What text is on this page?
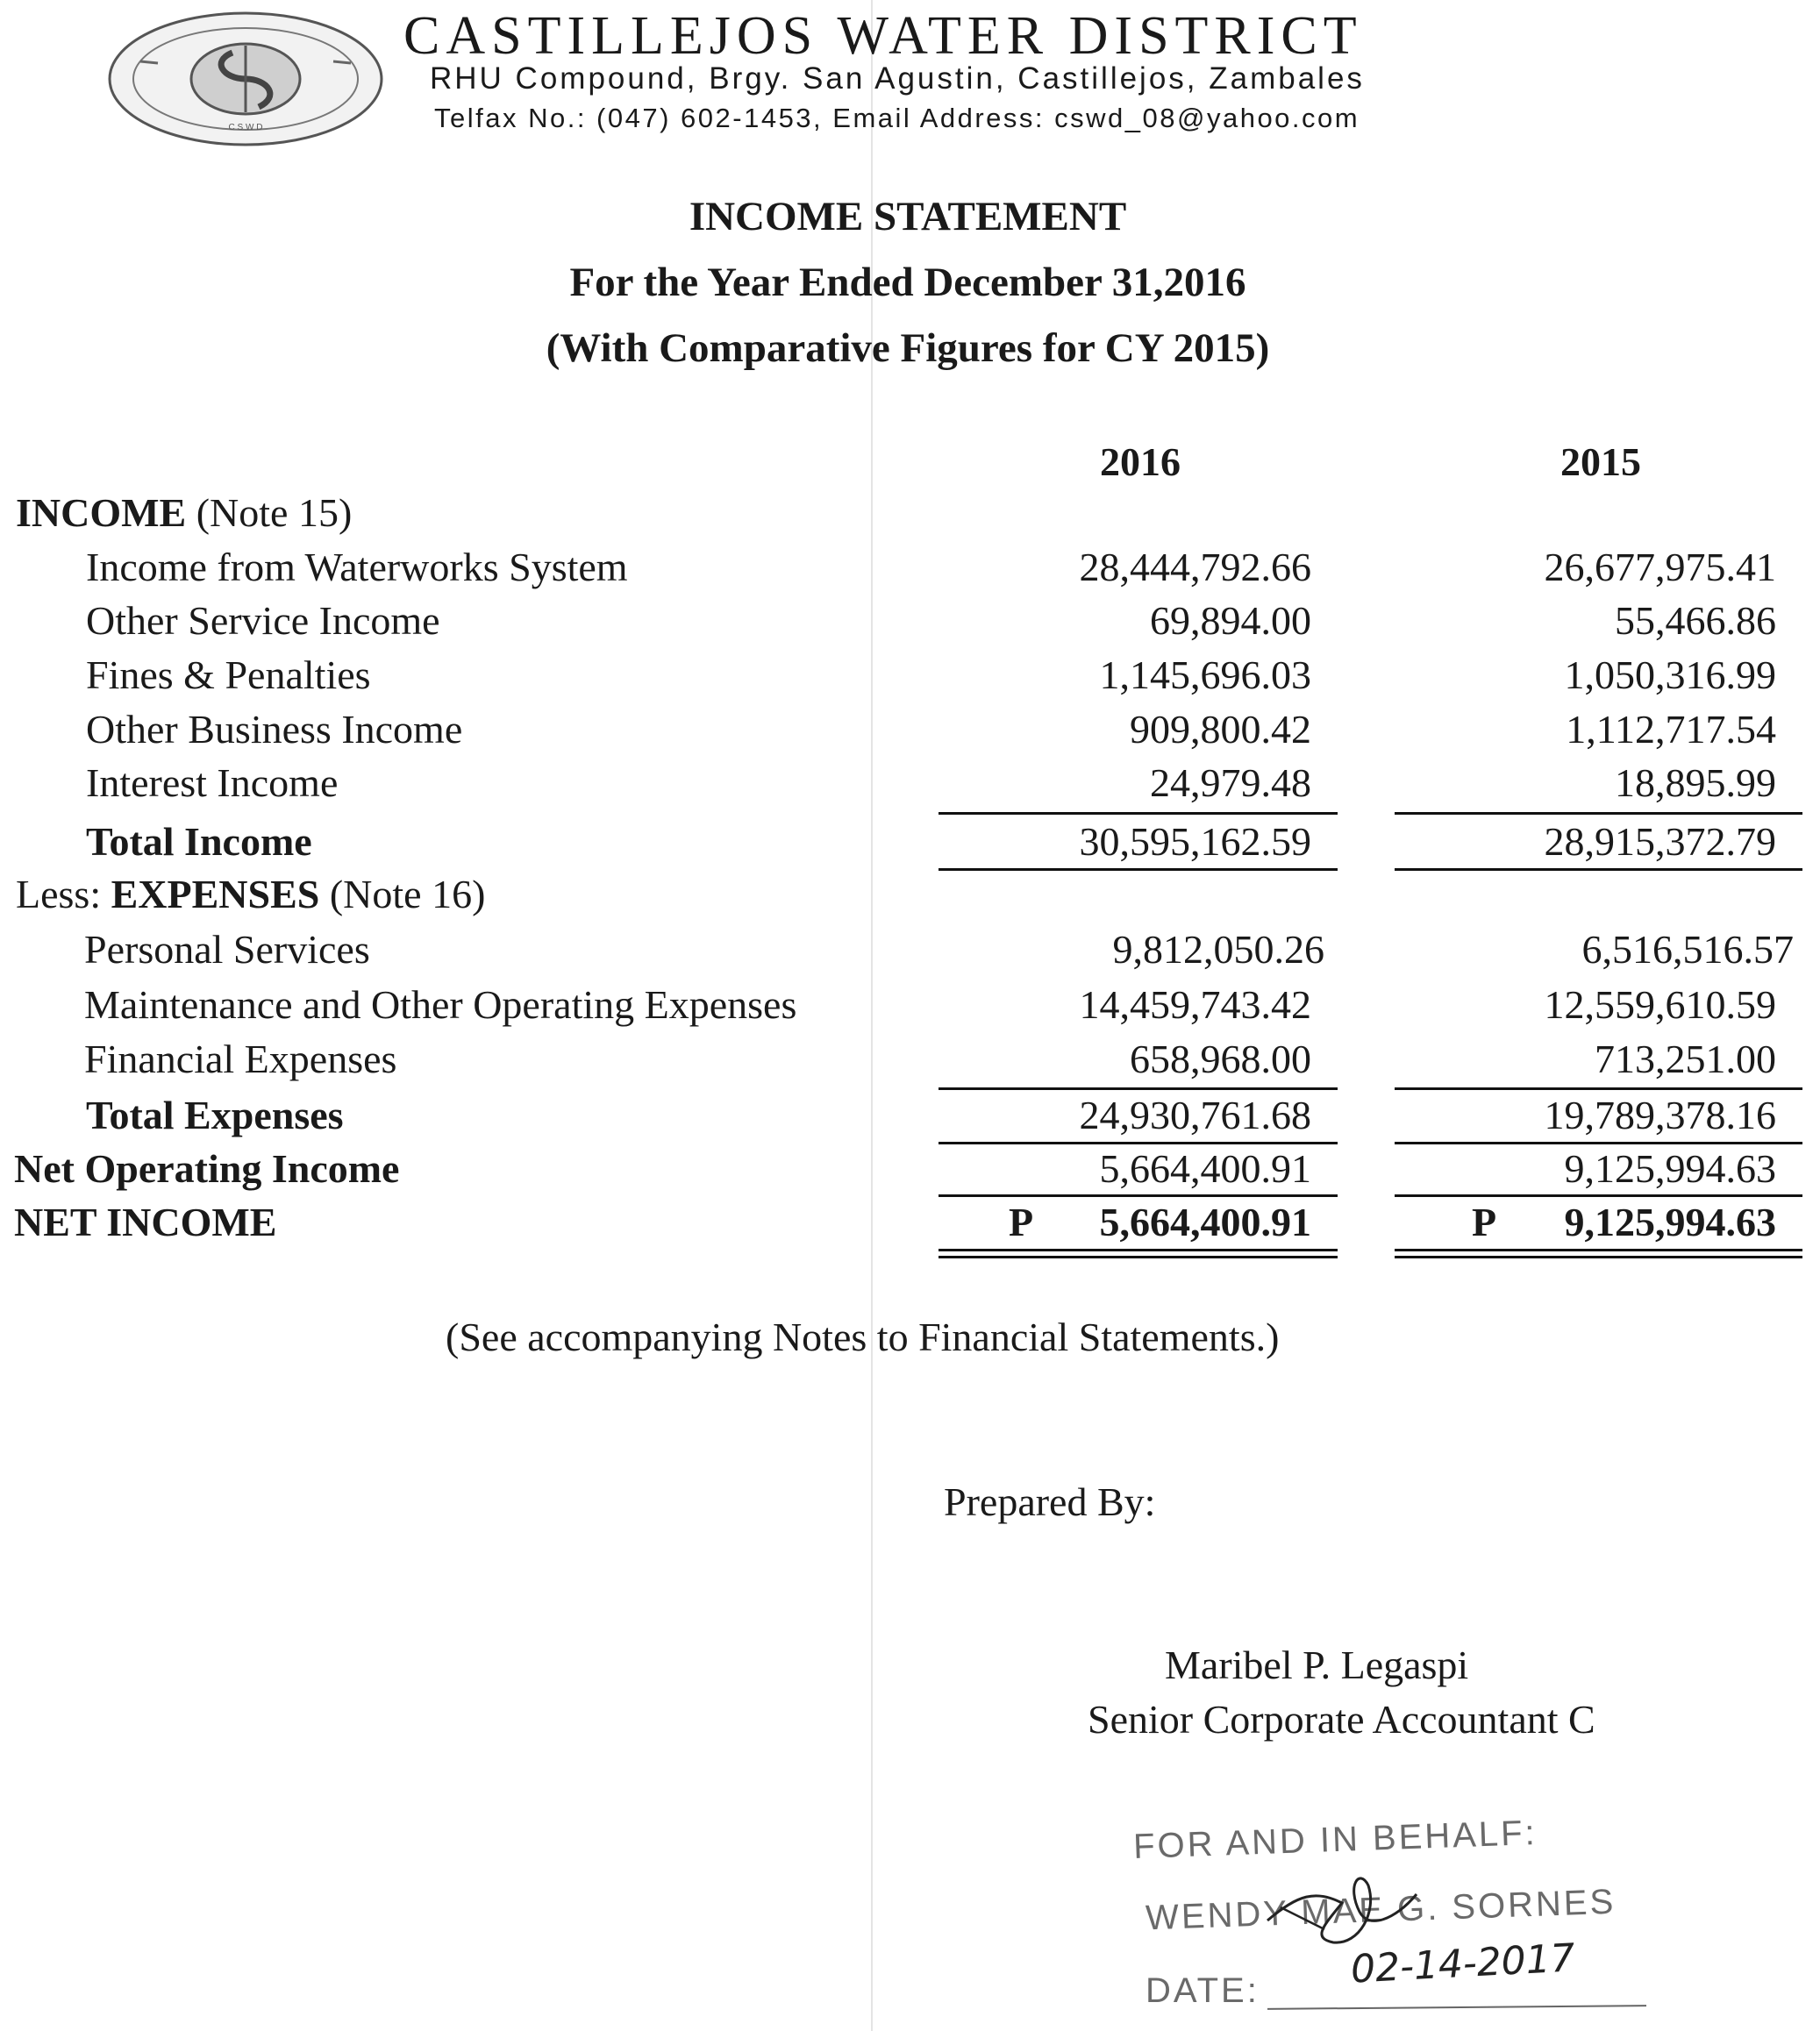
C S W D
CASTILLEJOS WATER DISTRICT
RHU Compound, Brgy. San Agustin, Castillejos, Zambales
Telfax No.: (047) 602-1453, Email Address: cswd_08@yahoo.com
INCOME STATEMENT
For the Year Ended December 31,2016
(With Comparative Figures for CY 2015)
2016	2015
INCOME (Note 15)
Income from Waterworks System	28,444,792.66	26,677,975.41
Other Service Income	69,894.00	55,466.86
Fines & Penalties	1,145,696.03	1,050,316.99
Other Business Income	909,800.42	1,112,717.54
Interest Income	24,979.48	18,895.99
Total Income	30,595,162.59	28,915,372.79
Less: EXPENSES (Note 16)
Personal Services	9,812,050.26	6,516,516.57
Maintenance and Other Operating Expenses	14,459,743.42	12,559,610.59
Financial Expenses	658,968.00	713,251.00
Total Expenses	24,930,761.68	19,789,378.16
Net Operating Income	5,664,400.91	9,125,994.63
NET INCOME	P	5,664,400.91	P	9,125,994.63
(See accompanying Notes to Financial Statements.)
Prepared By:
Maribel P. Legaspi
Senior Corporate Accountant C
FOR AND IN BEHALF:
WENDY MAE G. SORNES
DATE: 02-14-2017
